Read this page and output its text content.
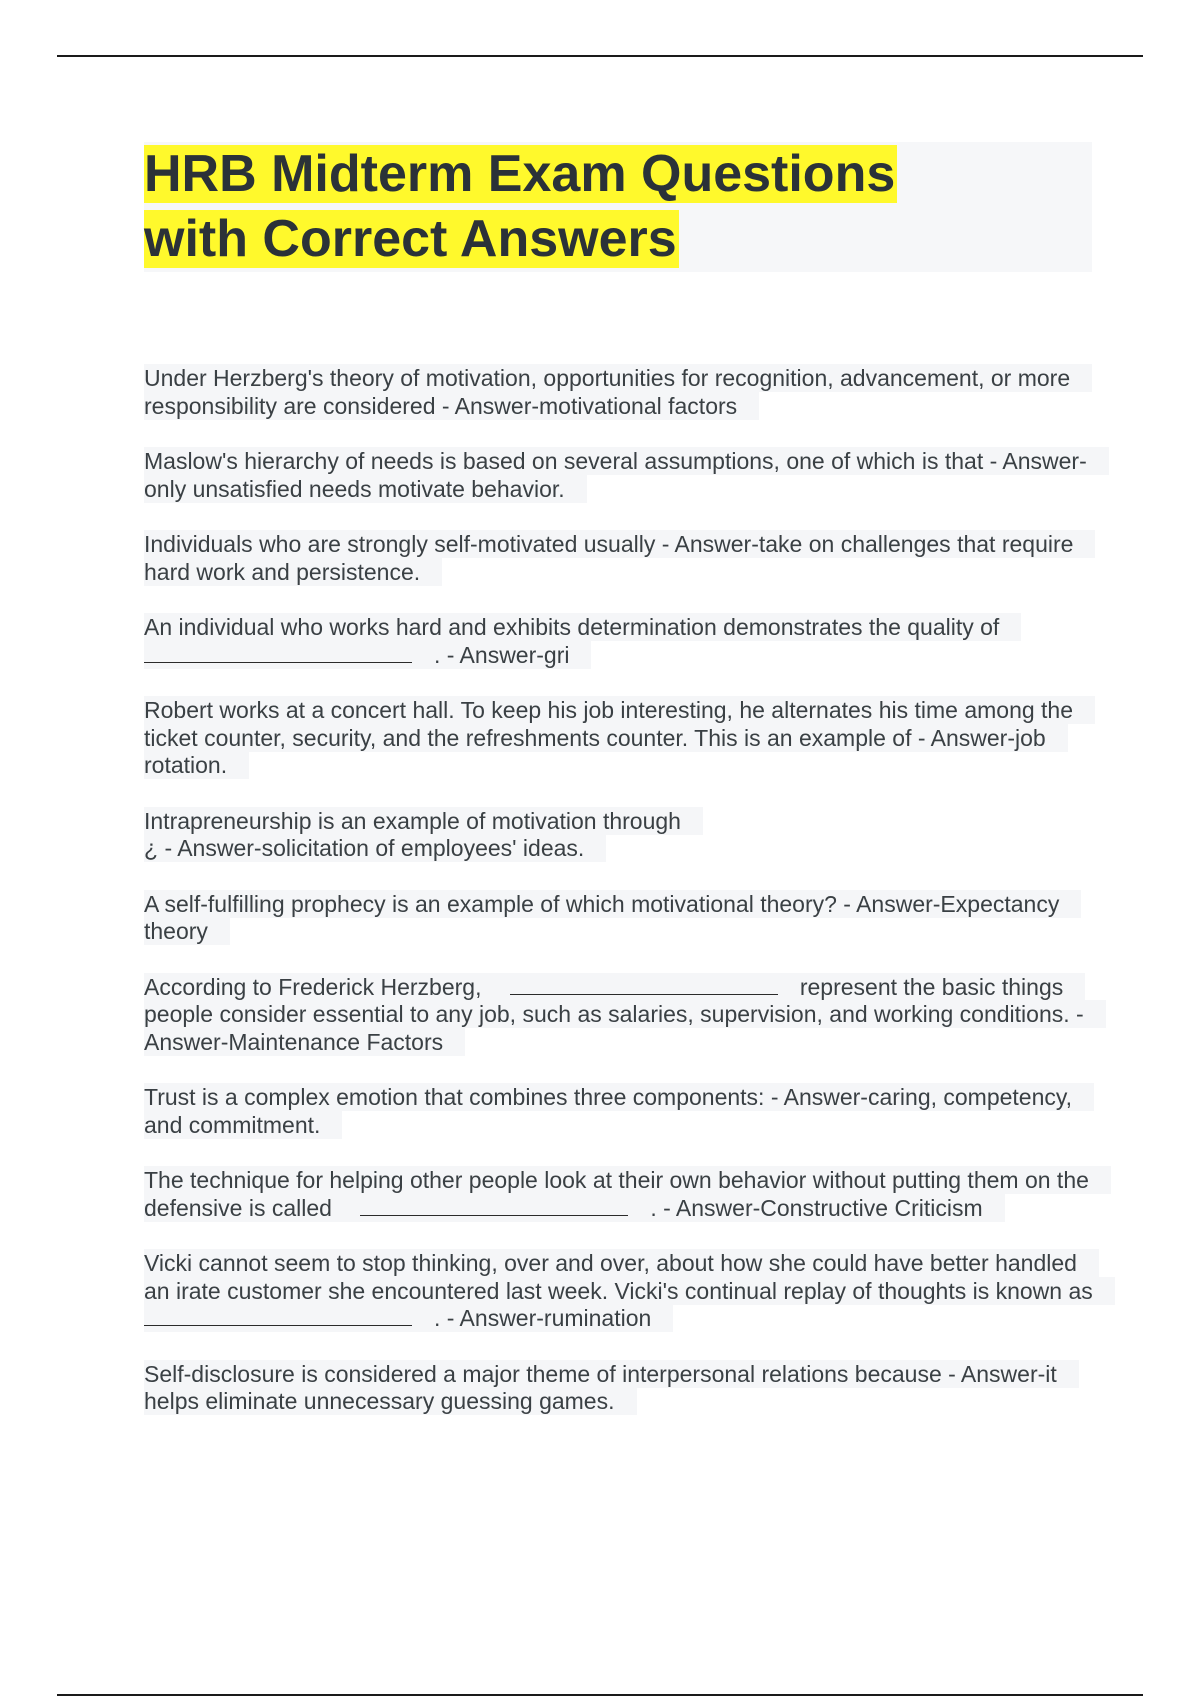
HRB Midterm Exam Questions
with Correct Answers

Under Herzberg's theory of motivation, opportunities for recognition, advancement, or more responsibility are considered - Answer-motivational factors

Maslow's hierarchy of needs is based on several assumptions, one of which is that - Answer-only unsatisfied needs motivate behavior.

Individuals who are strongly self-motivated usually - Answer-take on challenges that require hard work and persistence.

An individual who works hard and exhibits determination demonstrates the quality of . - Answer-gri

Robert works at a concert hall. To keep his job interesting, he alternates his time among the ticket counter, security, and the refreshments counter. This is an example of - Answer-job rotation.

Intrapreneurship is an example of motivation through
¿ - Answer-solicitation of employees' ideas.

A self-fulfilling prophecy is an example of which motivational theory? - Answer-Expectancy theory

According to Frederick Herzberg,	represent the basic things people consider essential to any job, such as salaries, supervision, and working conditions. - Answer-Maintenance Factors

Trust is a complex emotion that combines three components: - Answer-caring, competency, and commitment.

The technique for helping other people look at their own behavior without putting them on the defensive is called	. - Answer-Constructive Criticism

Vicki cannot seem to stop thinking, over and over, about how she could have better handled an irate customer she encountered last week. Vicki's continual replay of thoughts is known as . - Answer-rumination

Self-disclosure is considered a major theme of interpersonal relations because - Answer-it helps eliminate unnecessary guessing games.
